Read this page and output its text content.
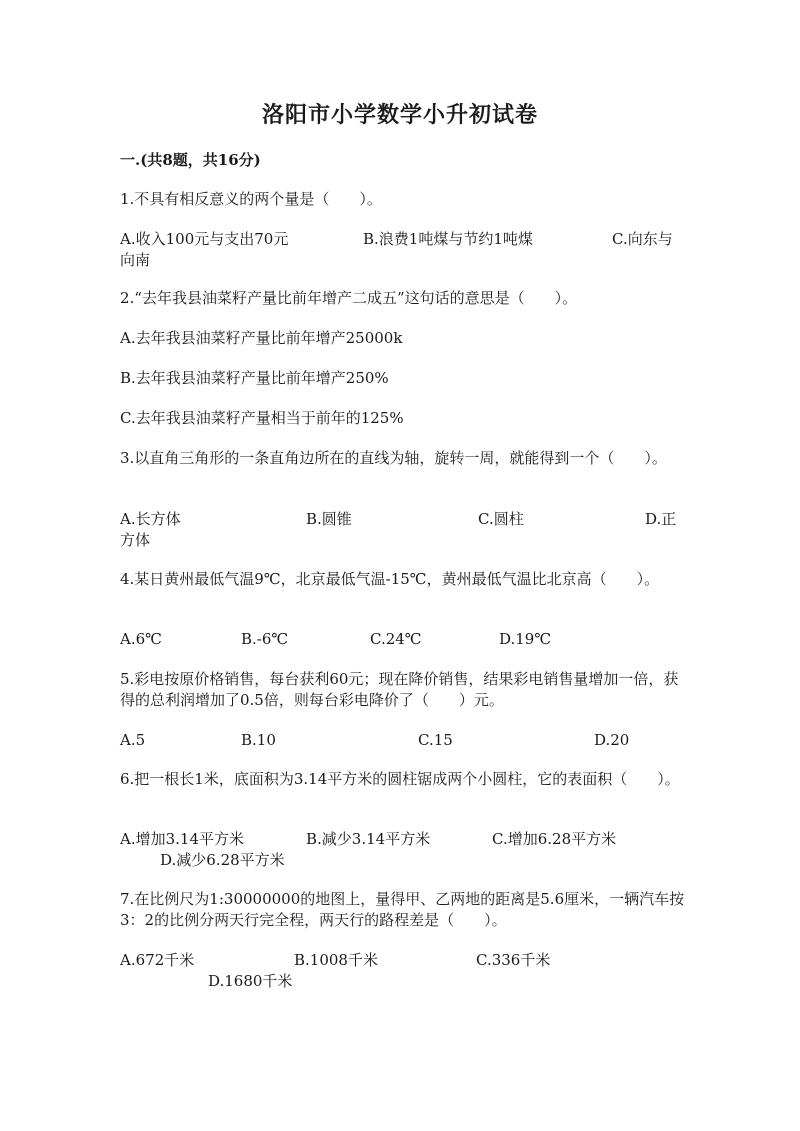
洛阳市小学数学小升初试卷
一.(共8题，共16分)
1.不具有相反意义的两个量是（　　）。
A.收入100元与支出70元	B.浪费1吨煤与节约1吨煤	C.向东与
向南
2.“去年我县油菜籽产量比前年增产二成五”这句话的意思是（　　）。
A.去年我县油菜籽产量比前年增产25000k
B.去年我县油菜籽产量比前年增产250%
C.去年我县油菜籽产量相当于前年的125%
3.以直角三角形的一条直角边所在的直线为轴，旋转一周，就能得到一个（　　）。
A.长方体	B.圆锥	C.圆柱	D.正
方体
4.某日黄州最低气温9℃，北京最低气温-15℃，黄州最低气温比北京高（　　）。
A.6℃	B.-6℃	C.24℃	D.19℃
5.彩电按原价格销售，每台获利60元；现在降价销售，结果彩电销售量增加一倍，获得的总利润增加了0.5倍，则每台彩电降价了（　　）元。
A.5	B.10	C.15	D.20
6.把一根长1米，底面积为3.14平方米的圆柱锯成两个小圆柱，它的表面积（　　）。
A.增加3.14平方米	B.减少3.14平方米	C.增加6.28平方米
D.减少6.28平方米
7.在比例尺为1:30000000的地图上，量得甲、乙两地的距离是5.6厘米，一辆汽车按3：2的比例分两天行完全程，两天行的路程差是（　　）。
A.672千米	B.1008千米	C.336千米
D.1680千米
